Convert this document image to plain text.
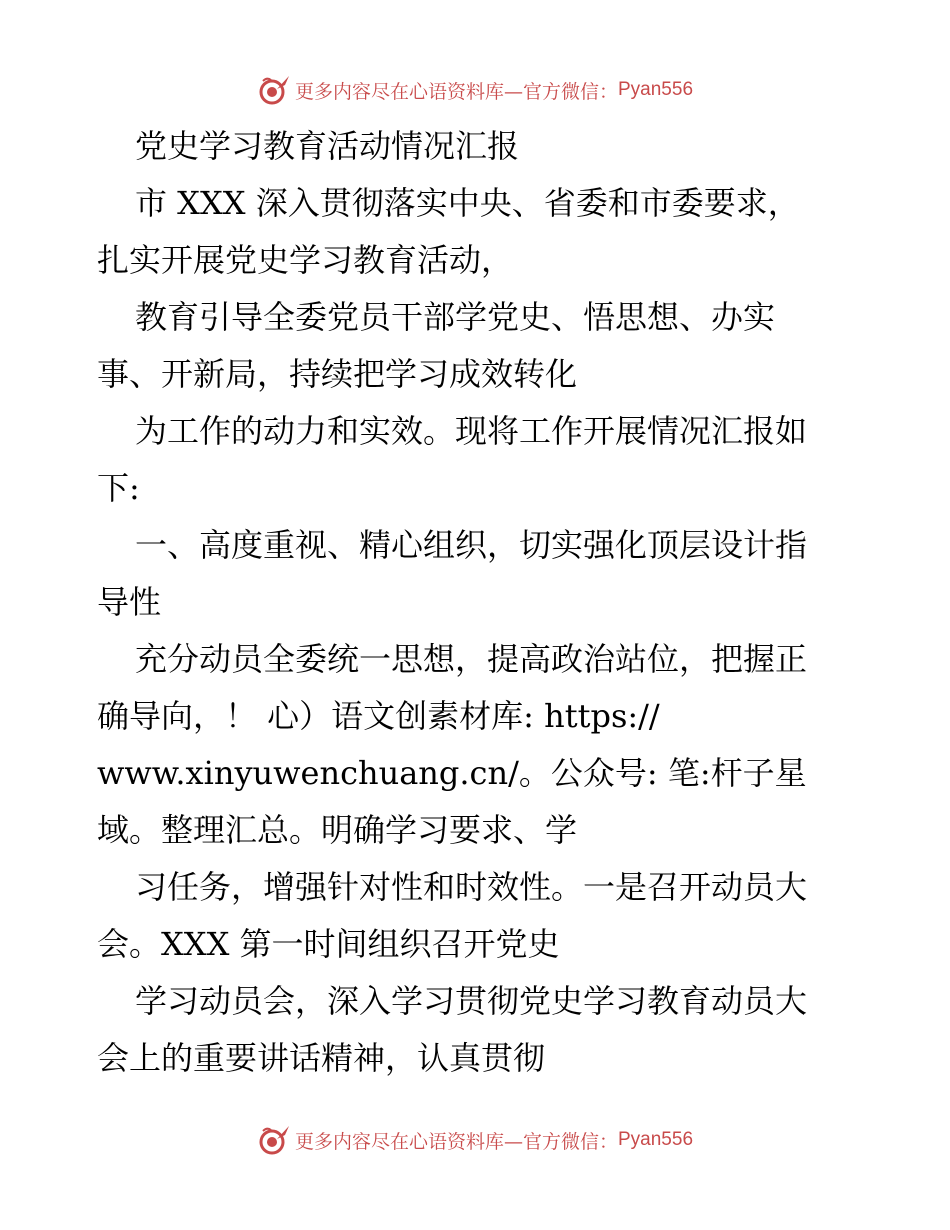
更多内容尽在心语资料库—官方微信： Pyan556
党史学习教育活动情况汇报
市 XXX 深入贯彻落实中央、省委和市委要求，
扎实开展党史学习教育活动，
教育引导全委党员干部学党史、悟思想、办实
事、开新局，持续把学习成效转化
为工作的动力和实效。现将工作开展情况汇报如
下:
一、高度重视、精心组织，切实强化顶层设计指
导性
充分动员全委统一思想，提高政治站位，把握正
确导向，！ 心）语文创素材库: https://
www.xinyuwenchuang.cn/。公众号: 笔:杆子星
域。整理汇总。明确学习要求、学
习任务，增强针对性和时效性。一是召开动员大
会。XXX 第一时间组织召开党史
学习动员会，深入学习贯彻党史学习教育动员大
会上的重要讲话精神，认真贯彻
更多内容尽在心语资料库—官方微信： Pyan556
